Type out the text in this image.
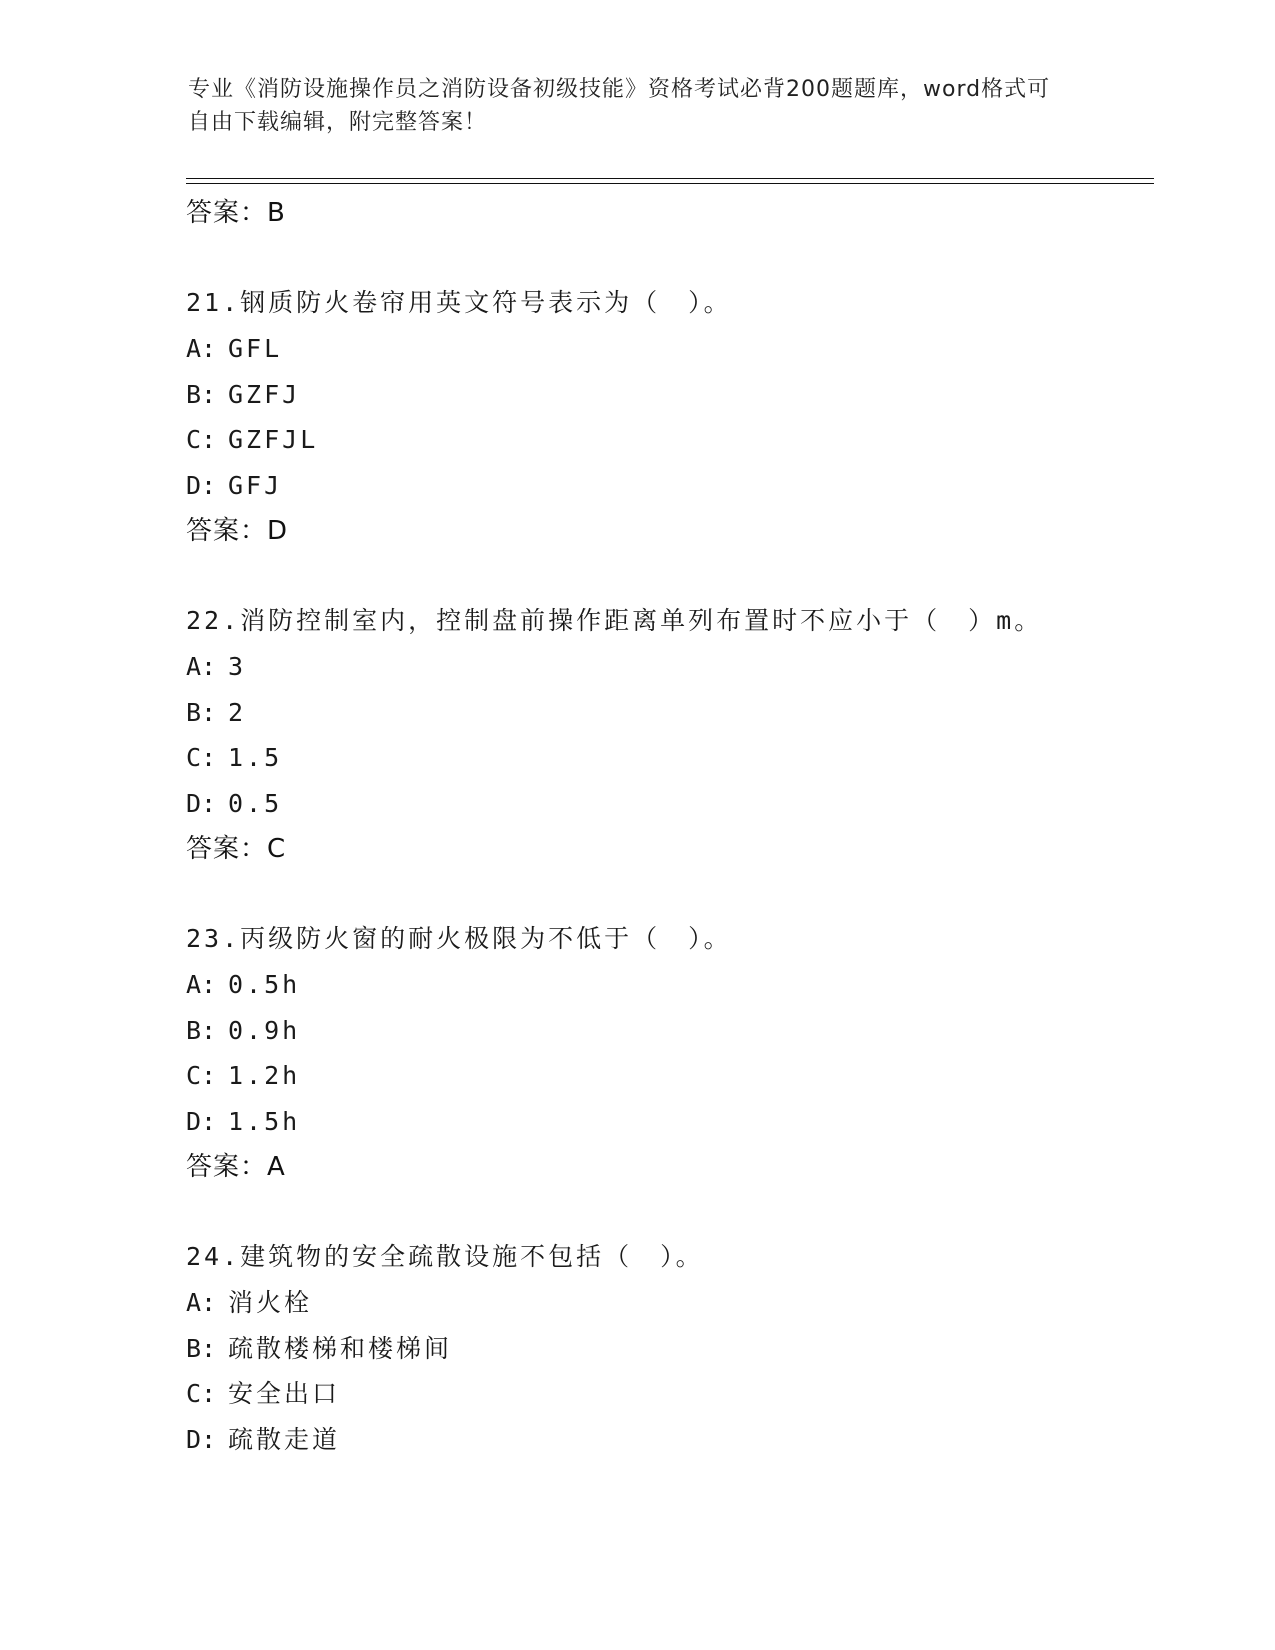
专业《消防设施操作员之消防设备初级技能》资格考试必背200题题库，word格式可自由下载编辑，附完整答案！
答案：B
21.钢质防火卷帘用英文符号表示为（　）。
A: GFL
B: GZFJ
C: GZFJL
D: GFJ
答案：D
22.消防控制室内，控制盘前操作距离单列布置时不应小于（　）m。
A: 3
B: 2
C: 1.5
D: 0.5
答案：C
23.丙级防火窗的耐火极限为不低于（　）。
A: 0.5h
B: 0.9h
C: 1.2h
D: 1.5h
答案：A
24.建筑物的安全疏散设施不包括（　）。
A: 消火栓
B: 疏散楼梯和楼梯间
C: 安全出口
D: 疏散走道
